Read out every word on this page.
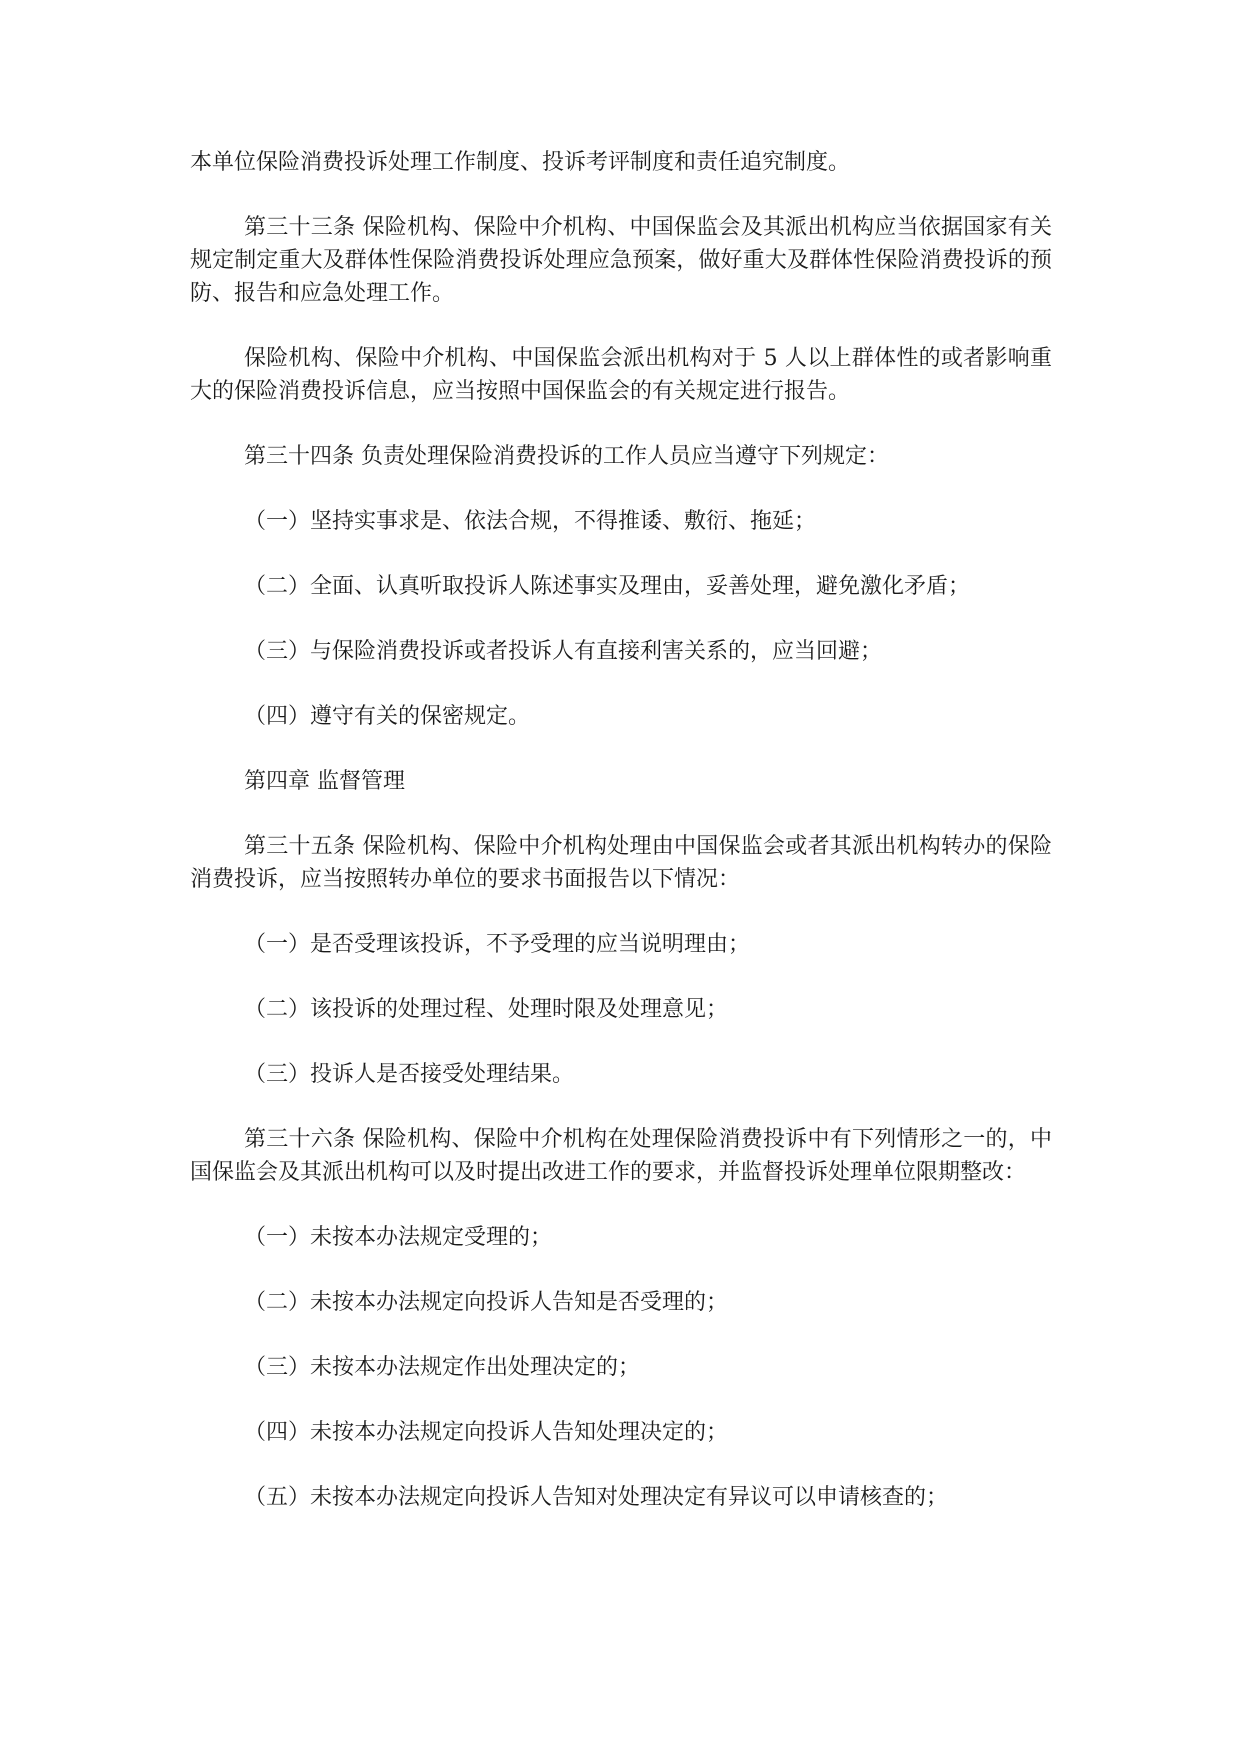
本单位保险消费投诉处理工作制度、投诉考评制度和责任追究制度。

第三十三条 保险机构、保险中介机构、中国保监会及其派出机构应当依据国家有关规定制定重大及群体性保险消费投诉处理应急预案，做好重大及群体性保险消费投诉的预防、报告和应急处理工作。

保险机构、保险中介机构、中国保监会派出机构对于 5 人以上群体性的或者影响重大的保险消费投诉信息，应当按照中国保监会的有关规定进行报告。

第三十四条 负责处理保险消费投诉的工作人员应当遵守下列规定：

（一）坚持实事求是、依法合规，不得推诿、敷衍、拖延；

（二）全面、认真听取投诉人陈述事实及理由，妥善处理，避免激化矛盾；

（三）与保险消费投诉或者投诉人有直接利害关系的，应当回避；

（四）遵守有关的保密规定。

第四章 监督管理

第三十五条 保险机构、保险中介机构处理由中国保监会或者其派出机构转办的保险消费投诉，应当按照转办单位的要求书面报告以下情况：

（一）是否受理该投诉，不予受理的应当说明理由；

（二）该投诉的处理过程、处理时限及处理意见；

（三）投诉人是否接受处理结果。

第三十六条 保险机构、保险中介机构在处理保险消费投诉中有下列情形之一的，中国保监会及其派出机构可以及时提出改进工作的要求，并监督投诉处理单位限期整改：

（一）未按本办法规定受理的；

（二）未按本办法规定向投诉人告知是否受理的；

（三）未按本办法规定作出处理决定的；

（四）未按本办法规定向投诉人告知处理决定的；

（五）未按本办法规定向投诉人告知对处理决定有异议可以申请核查的；
